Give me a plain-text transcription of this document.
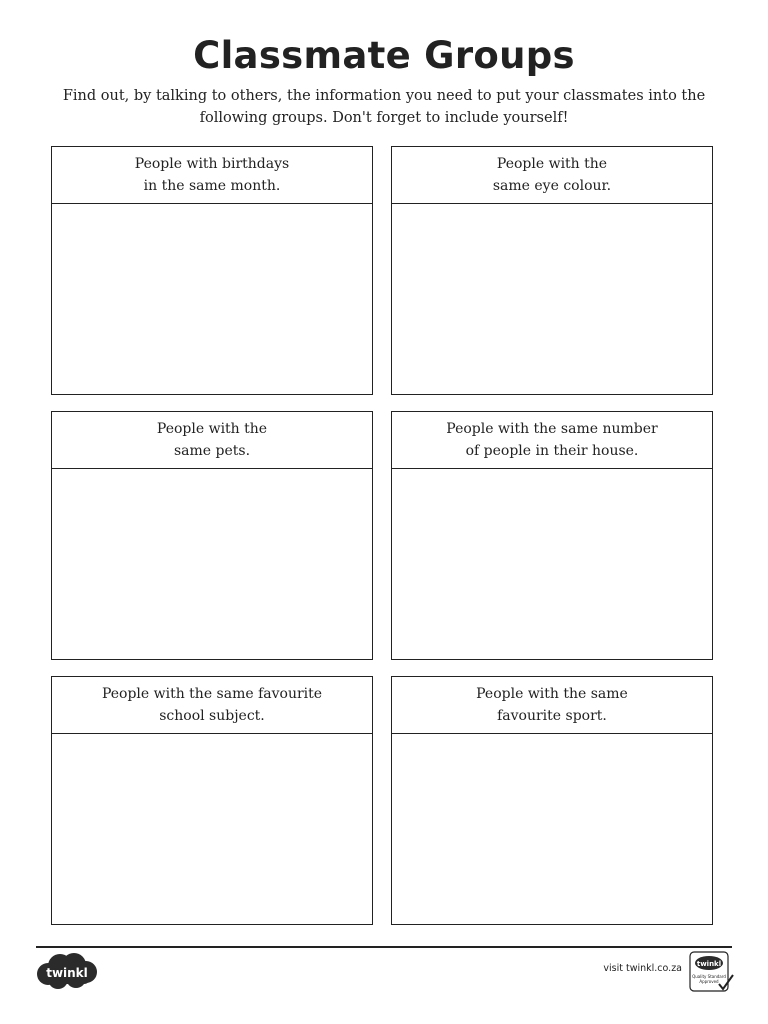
Classmate Groups
Find out, by talking to others, the information you need to put your classmates into the
following groups. Don't forget to include yourself!
People with birthdays
in the same month.
People with the
same eye colour.
People with the
same pets.
People with the same number
of people in their house.
People with the same favourite
school subject.
People with the same
favourite sport.
twinkl	visit twinkl.co.za twinkl
Quality Standard
Approved
